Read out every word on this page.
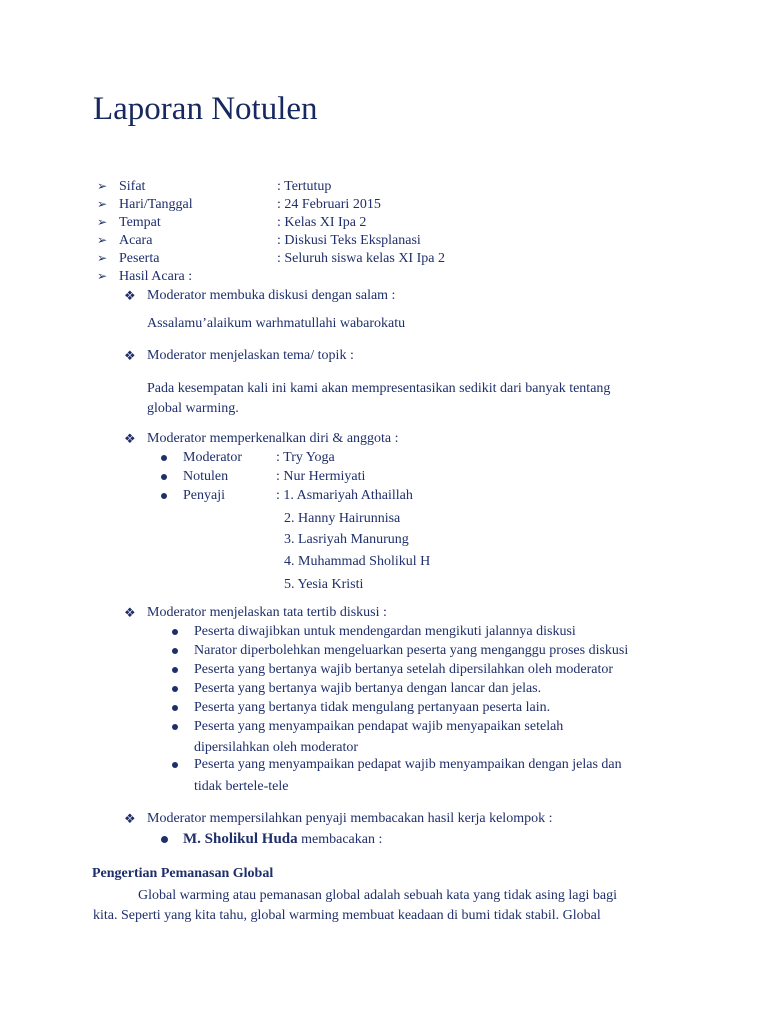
Laporan Notulen
➢ Sifat	: Tertutup
➢ Hari/Tanggal	: 24 Februari 2015
➢ Tempat	: Kelas XI Ipa 2
➢ Acara	: Diskusi Teks Eksplanasi
➢ Peserta	: Seluruh siswa kelas XI Ipa 2
➢ Hasil Acara :
❖ Moderator membuka diskusi dengan salam :
Assalamu’alaikum warhmatullahi wabarokatu
❖ Moderator menjelaskan tema/ topik :
Pada kesempatan kali ini kami akan mempresentasikan sedikit dari banyak tentang
global warming.
❖ Moderator memperkenalkan diri & anggota :
Moderator : Try Yoga
Notulen	: Nur Hermiyati
Penyaji	: 1. Asmariyah Athaillah
2. Hanny Hairunnisa
3. Lasriyah Manurung
4. Muhammad Sholikul H
5. Yesia Kristi
❖ Moderator menjelaskan tata tertib diskusi :
Peserta diwajibkan untuk mendengardan mengikuti jalannya diskusi
Narator diperbolehkan mengeluarkan peserta yang menganggu proses diskusi
Peserta yang bertanya wajib bertanya setelah dipersilahkan oleh moderator
Peserta yang bertanya wajib bertanya dengan lancar dan jelas.
Peserta yang bertanya tidak mengulang pertanyaan peserta lain.
Peserta yang menyampaikan pendapat wajib menyapaikan setelah
dipersilahkan oleh moderator
Peserta yang menyampaikan pedapat wajib menyampaikan dengan jelas dan
tidak bertele-tele
❖ Moderator mempersilahkan penyaji membacakan hasil kerja kelompok :
M. Sholikul Huda membacakan :
Pengertian Pemanasan Global
Global warming atau pemanasan global adalah sebuah kata yang tidak asing lagi bagi
kita. Seperti yang kita tahu, global warming membuat keadaan di bumi tidak stabil. Global
